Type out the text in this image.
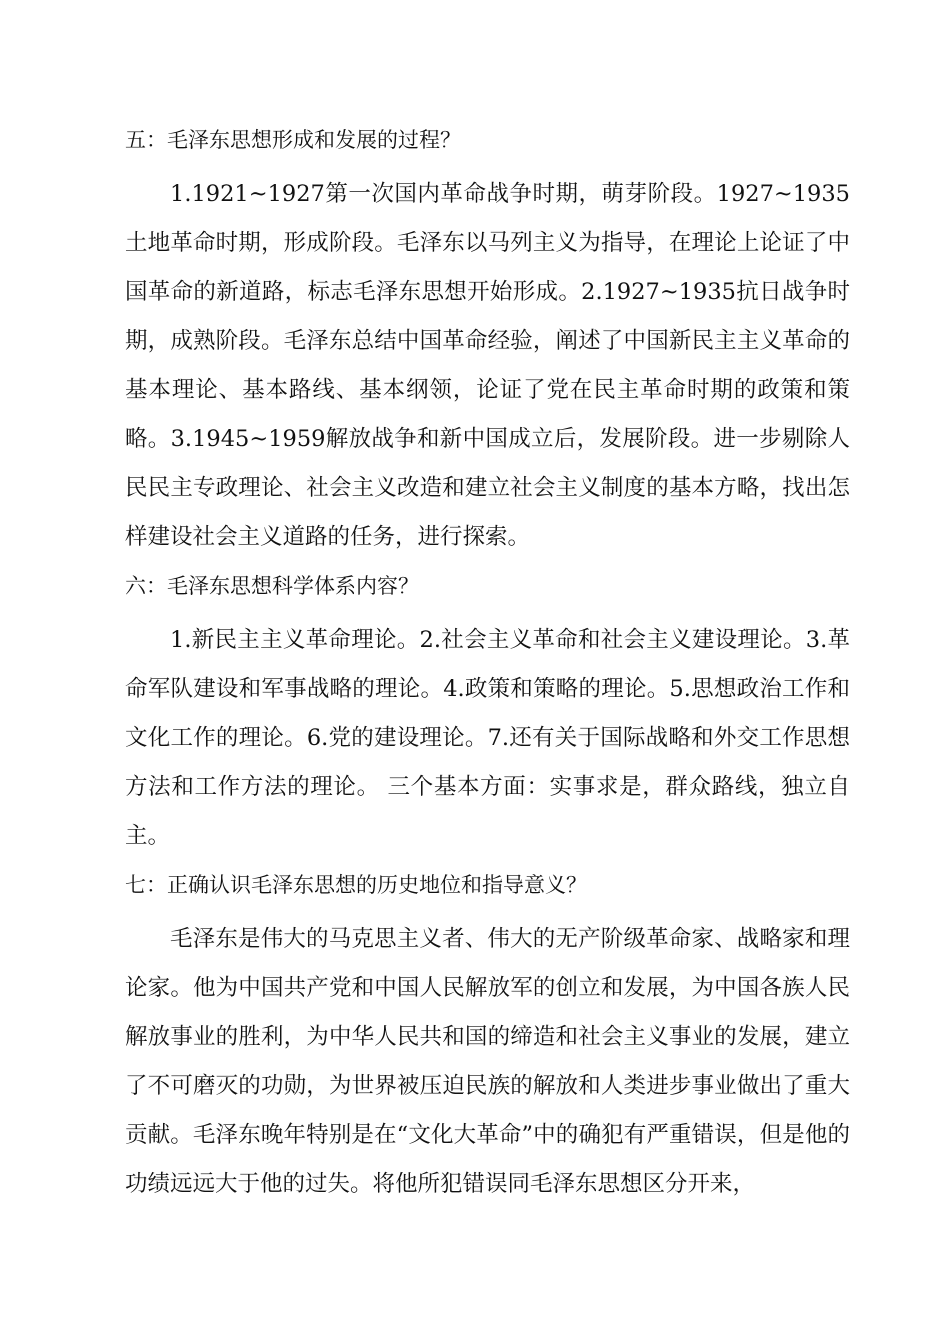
五：毛泽东思想形成和发展的过程？

1.1921~1927第一次国内革命战争时期，萌芽阶段。1927~1935土地革命时期，形成阶段。毛泽东以马列主义为指导，在理论上论证了中国革命的新道路，标志毛泽东思想开始形成。2.1927~1935抗日战争时期，成熟阶段。毛泽东总结中国革命经验，阐述了中国新民主主义革命的基本理论、基本路线、基本纲领，论证了党在民主革命时期的政策和策略。3.1945~1959解放战争和新中国成立后，发展阶段。进一步剔除人民民主专政理论、社会主义改造和建立社会主义制度的基本方略，找出怎样建设社会主义道路的任务，进行探索。

六：毛泽东思想科学体系内容？

1.新民主主义革命理论。2.社会主义革命和社会主义建设理论。3.革命军队建设和军事战略的理论。4.政策和策略的理论。5.思想政治工作和文化工作的理论。6.党的建设理论。7.还有关于国际战略和外交工作思想方法和工作方法的理论。 三个基本方面：实事求是，群众路线，独立自主。

七：正确认识毛泽东思想的历史地位和指导意义？

毛泽东是伟大的马克思主义者、伟大的无产阶级革命家、战略家和理论家。他为中国共产党和中国人民解放军的创立和发展，为中国各族人民解放事业的胜利，为中华人民共和国的缔造和社会主义事业的发展，建立了不可磨灭的功勋，为世界被压迫民族的解放和人类进步事业做出了重大贡献。毛泽东晚年特别是在“文化大革命”中的确犯有严重错误，但是他的功绩远远大于他的过失。将他所犯错误同毛泽东思想区分开来，
